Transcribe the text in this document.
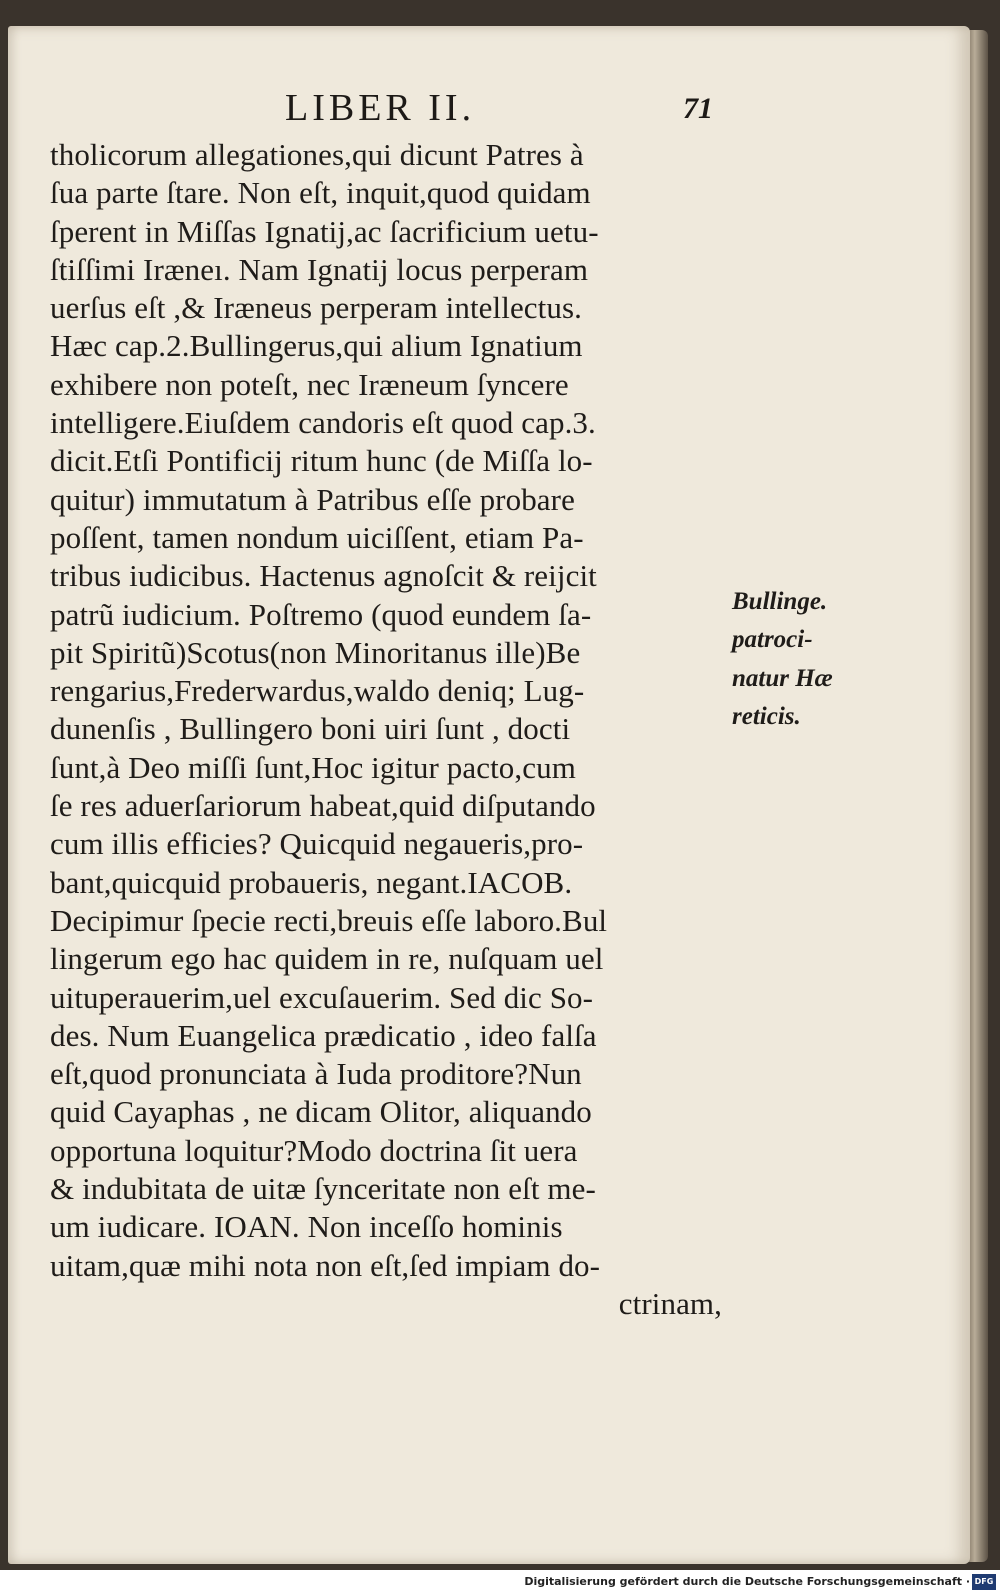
LIBER II.	71
tholicorum allegationes,qui dicunt Patres à
ſua parte ſtare. Non eſt, inquit,quod quidam
ſperent in Miſſas Ignatij,ac ſacrificium uetu-
ſtiſſimi Iræneı. Nam Ignatij locus perperam
uerſus eſt ,& Iræneus perperam intellectus.
Hæc cap.2.Bullingerus,qui alium Ignatium
exhibere non poteſt, nec Iræneum ſyncere
intelligere.Eiuſdem candoris eſt quod cap.3.
dicit.Etſi Pontificij ritum hunc (de Miſſa lo-
quitur) immutatum à Patribus eſſe probare
poſſent, tamen nondum uiciſſent, etiam Pa-
tribus iudicibus. Hactenus agnoſcit & reijcit
patrũ iudicium. Poſtremo (quod eundem ſa-
pit Spiritũ)Scotus(non Minoritanus ille)Be
rengarius,Frederwardus,waldo deniq; Lug-
dunenſis , Bullingero boni uiri ſunt , docti
ſunt,à Deo miſſi ſunt,Hoc igitur pacto,cum
ſe res aduerſariorum habeat,quid diſputando
cum illis efficies? Quicquid negaueris,pro-
bant,quicquid probaueris, negant.IACOB.
Decipimur ſpecie recti,breuis eſſe laboro.Bul
lingerum ego hac quidem in re, nuſquam uel
uituperauerim,uel excuſauerim. Sed dic So-
des. Num Euangelica prædicatio , ideo falſa
eſt,quod pronunciata à Iuda proditore?Nun
quid Cayaphas , ne dicam Olitor, aliquando
opportuna loquitur?Modo doctrina ſit uera
& indubitata de uitæ ſynceritate non eſt me-
um iudicare. IOAN. Non inceſſo hominis
uitam,quæ mihi nota non eſt,ſed impiam do-
ctrinam,
Bullinge.
patroci-
natur Hæ
reticis.
Digitalisierung gefördert durch die Deutsche Forschungsgemeinschaft · DFG
